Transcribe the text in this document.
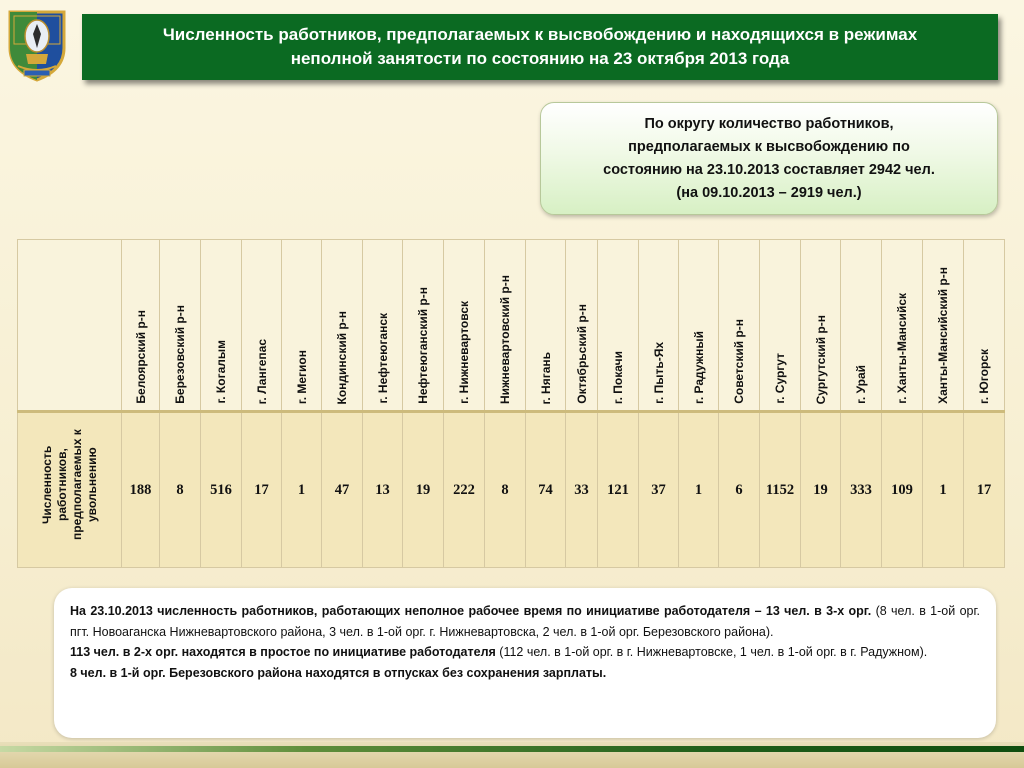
Численность работников, предполагаемых к высвобождению и находящихся в режимах
неполной занятости по состоянию на 23 октября 2013 года
По округу количество работников,
предполагаемых к высвобождению по
состоянию на 23.10.2013 составляет 2942 чел.
(на 09.10.2013 – 2919 чел.)

	Белоярский р-н	Березовский р-н	г. Когалым	г. Лангепас	г. Мегион	Кондинский р-н	г. Нефтеюганск	Нефтеюганский р-н	г. Нижневартовск	Нижневартовский р-н	г. Нягань	Октябрьский р-н	г. Покачи	г. Пыть-Ях	г. Радужный	Советский р-н	г. Сургут	Сургутский р-н	г. Урай	г. Ханты-Мансийск	Ханты-Мансийский р-н	г. Югорск

Численность работников, предполагаемых к увольнению	188	8	516	17	1	47	13	19	222	8	74	33	121	37	1	6	1152	19	333	109	1	17

На 23.10.2013 численность работников, работающих неполное рабочее время по инициативе работодателя – 13 чел. в 3-х орг. (8 чел. в 1-ой орг. пгт. Новоаганска Нижневартовского района, 3 чел. в 1-ой орг. г. Нижневартовска, 2 чел. в 1-ой орг. Березовского района).

113 чел. в 2-х орг. находятся в простое по инициативе работодателя (112 чел. в 1-ой орг. в г. Нижневартовске, 1 чел. в 1-ой орг. в г. Радужном).

8 чел. в 1-й орг. Березовского района находятся в отпусках без сохранения зарплаты.
